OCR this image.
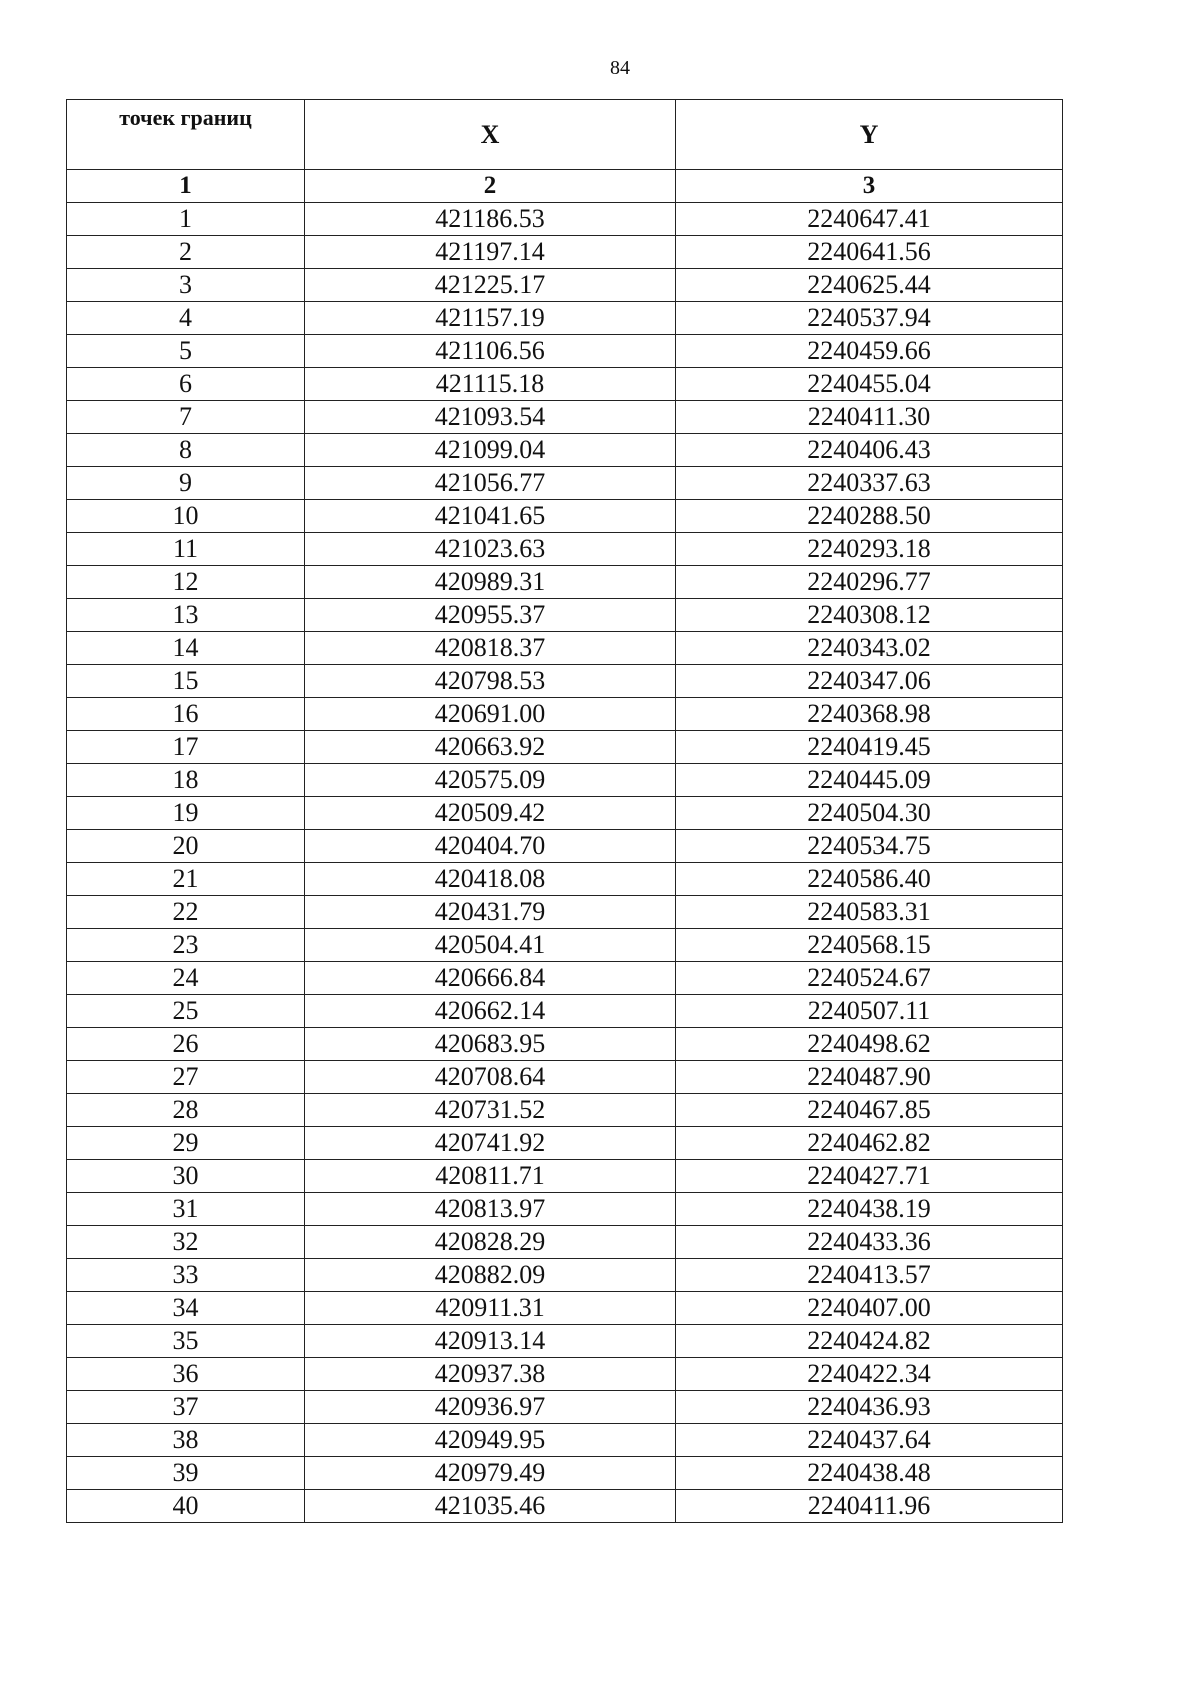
84
точек границ	X	Y
1	2	3
1	421186.53	2240647.41
2	421197.14	2240641.56
3	421225.17	2240625.44
4	421157.19	2240537.94
5	421106.56	2240459.66
6	421115.18	2240455.04
7	421093.54	2240411.30
8	421099.04	2240406.43
9	421056.77	2240337.63
10	421041.65	2240288.50
11	421023.63	2240293.18
12	420989.31	2240296.77
13	420955.37	2240308.12
14	420818.37	2240343.02
15	420798.53	2240347.06
16	420691.00	2240368.98
17	420663.92	2240419.45
18	420575.09	2240445.09
19	420509.42	2240504.30
20	420404.70	2240534.75
21	420418.08	2240586.40
22	420431.79	2240583.31
23	420504.41	2240568.15
24	420666.84	2240524.67
25	420662.14	2240507.11
26	420683.95	2240498.62
27	420708.64	2240487.90
28	420731.52	2240467.85
29	420741.92	2240462.82
30	420811.71	2240427.71
31	420813.97	2240438.19
32	420828.29	2240433.36
33	420882.09	2240413.57
34	420911.31	2240407.00
35	420913.14	2240424.82
36	420937.38	2240422.34
37	420936.97	2240436.93
38	420949.95	2240437.64
39	420979.49	2240438.48
40	421035.46	2240411.96
